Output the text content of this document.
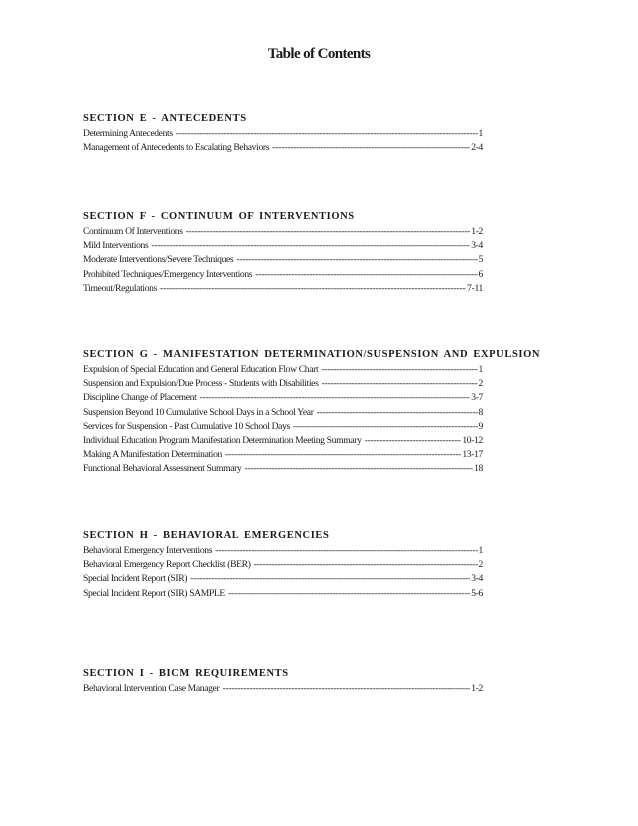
Table of Contents
SECTION E - ANTECEDENTS
Determining Antecedents -----	1
Management of Antecedents to Escalating Behaviors -----	2-4
SECTION F - CONTINUUM OF INTERVENTIONS
Continuum Of Interventions -----	1-2
Mild Interventions -----	3-4
Moderate Interventions/Severe Techniques -----	5
Prohibited Techniques/Emergency Interventions -----	6
Timeout/Regulations -----	7-11
SECTION G - MANIFESTATION DETERMINATION/SUSPENSION AND EXPULSION
Expulsion of Special Education and General Education Flow Chart -----	1
Suspension and Expulsion/Due Process - Students with Disabilities -----	2
Discipline Change of Placement -----	3-7
Suspension Beyond 10 Cumulative School Days in a School Year -----	8
Services for Suspension - Past Cumulative 10 School Days -----	9
Individual Education Program Manifestation Determination Meeting Summary -----	10-12
Making A Manifestation Determination -----	13-17
Functional Behavioral Assessment Summary -----	18
SECTION H - BEHAVIORAL EMERGENCIES
Behavioral Emergency Interventions -----	1
Behavioral Emergency Report Checklist (BER) -----	2
Special Incident Report (SIR) -----	3-4
Special Incident Report (SIR) SAMPLE -----	5-6
SECTION I - BICM REQUIREMENTS
Behavioral Intervention Case Manager -----	1-2
